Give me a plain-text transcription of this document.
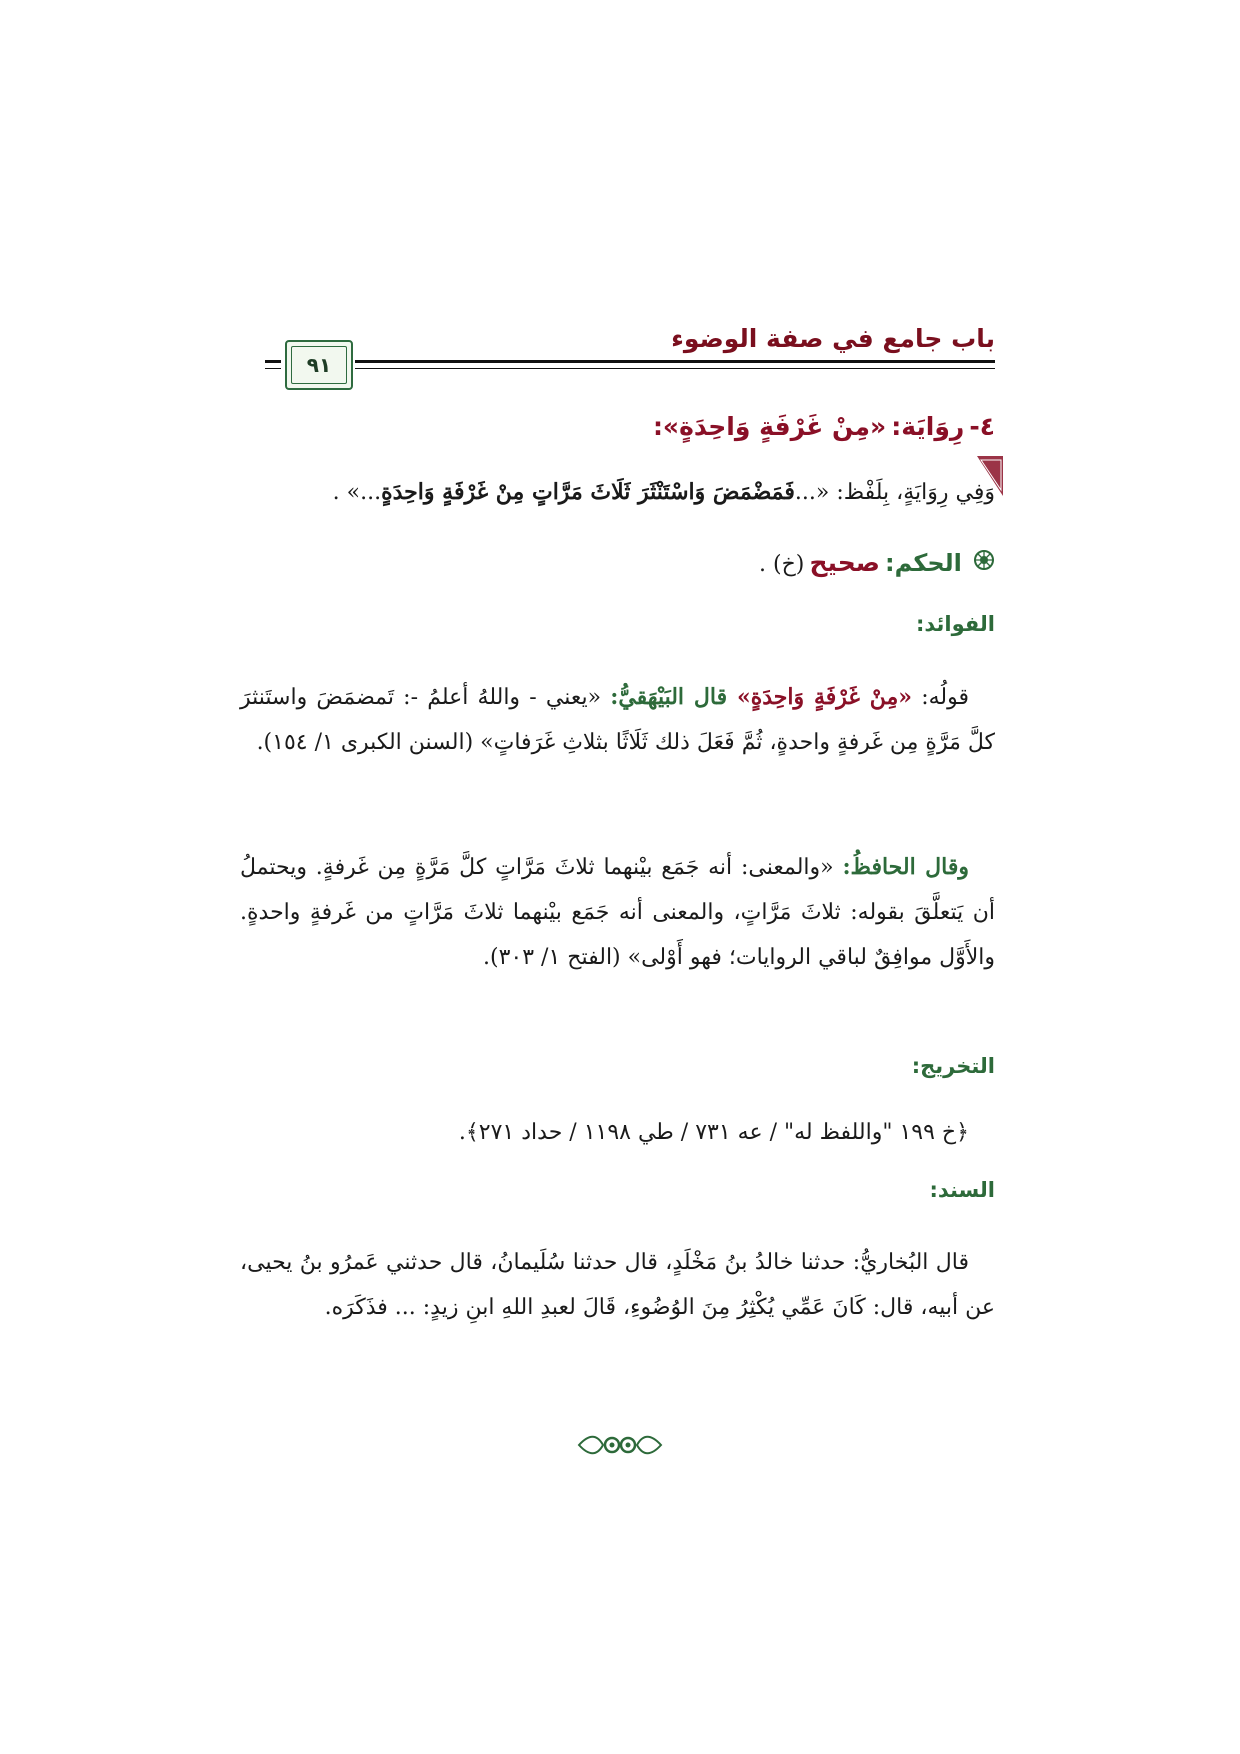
باب جامع في صفة الوضوء
٩١
٤- رِوَايَة: «مِنْ غَرْفَةٍ وَاحِدَةٍ»:
وَفِي رِوَايَةٍ، بِلَفْظ: «...فَمَضْمَضَ وَاسْتَنْثَرَ ثَلَاثَ مَرَّاتٍ مِنْ غَرْفَةٍ وَاحِدَةٍ...» .
الحكم: صحيح (خ) .
الفوائد:
قولُه: «مِنْ غَرْفَةٍ وَاحِدَةٍ» قال البَيْهَقيُّ: «يعني - واللهُ أعلمُ -: تَمضمَضَ واستَنثرَ كلَّ مَرَّةٍ مِن غَرفةٍ واحدةٍ، ثُمَّ فَعَلَ ذلك ثَلَاثًا بثلاثِ غَرَفاتٍ» (السنن الكبرى ١/ ١٥٤).
وقال الحافظُ: «والمعنى: أنه جَمَع بيْنهما ثلاثَ مَرَّاتٍ كلَّ مَرَّةٍ مِن غَرفةٍ. ويحتملُ أن يَتعلَّقَ بقوله: ثلاثَ مَرَّاتٍ، والمعنى أنه جَمَع بيْنهما ثلاثَ مَرَّاتٍ من غَرفةٍ واحدةٍ. والأَوَّل موافِقٌ لباقي الروايات؛ فهو أَوْلى» (الفتح ١/ ٣٠٣).
التخريج:
﴿خ ١٩٩ "واللفظ له" / عه ٧٣١ / طي ١١٩٨ / حداد ٢٧١﴾.
السند:
قال البُخاريُّ: حدثنا خالدُ بنُ مَخْلَدٍ، قال حدثنا سُلَيمانُ، قال حدثني عَمرُو بنُ يحيى، عن أبيه، قال: كَانَ عَمِّي يُكْثِرُ مِنَ الوُضُوءِ، قَالَ لعبدِ اللهِ ابنِ زيدٍ: ... فذَكَرَه.
